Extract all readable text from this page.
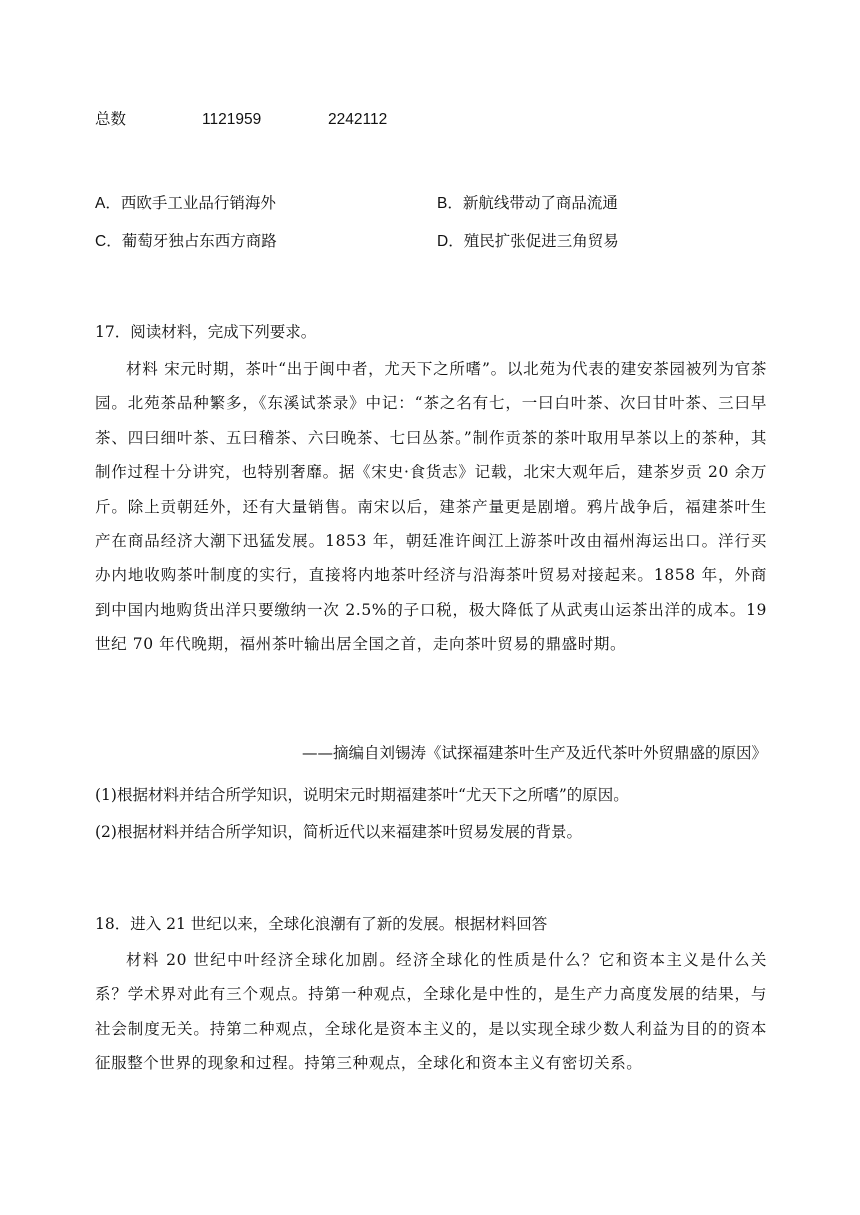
总数	1121959	2242112
A．西欧手工业品行销海外	B．新航线带动了商品流通
C．葡萄牙独占东西方商路	D．殖民扩张促进三角贸易
17．阅读材料，完成下列要求。
材料 宋元时期，茶叶“出于闽中者，尤天下之所嗜”。以北苑为代表的建安茶园被列为官茶园。北苑茶品种繁多，《东溪试茶录》中记：“茶之名有七，一曰白叶茶、次曰甘叶茶、三曰早茶、四曰细叶茶、五曰稽茶、六曰晚茶、七曰丛茶。”制作贡茶的茶叶取用早茶以上的茶种，其制作过程十分讲究，也特别奢靡。据《宋史·食货志》记载，北宋大观年后，建茶岁贡 20 余万斤。除上贡朝廷外，还有大量销售。南宋以后，建茶产量更是剧增。鸦片战争后，福建茶叶生产在商品经济大潮下迅猛发展。1853 年，朝廷准许闽江上游茶叶改由福州海运出口。洋行买办内地收购茶叶制度的实行，直接将内地茶叶经济与沿海茶叶贸易对接起来。1858 年，外商到中国内地购货出洋只要缴纳一次 2.5%的子口税，极大降低了从武夷山运茶出洋的成本。19 世纪 70 年代晚期，福州茶叶输出居全国之首，走向茶叶贸易的鼎盛时期。
——摘编自刘锡涛《试探福建茶叶生产及近代茶叶外贸鼎盛的原因》
(1)根据材料并结合所学知识，说明宋元时期福建茶叶“尤天下之所嗜”的原因。
(2)根据材料并结合所学知识，简析近代以来福建茶叶贸易发展的背景。
18．进入 21 世纪以来，全球化浪潮有了新的发展。根据材料回答
材料 20 世纪中叶经济全球化加剧。经济全球化的性质是什么？它和资本主义是什么关系？学术界对此有三个观点。持第一种观点，全球化是中性的，是生产力高度发展的结果，与社会制度无关。持第二种观点，全球化是资本主义的，是以实现全球少数人利益为目的的资本征服整个世界的现象和过程。持第三种观点，全球化和资本主义有密切关系。
